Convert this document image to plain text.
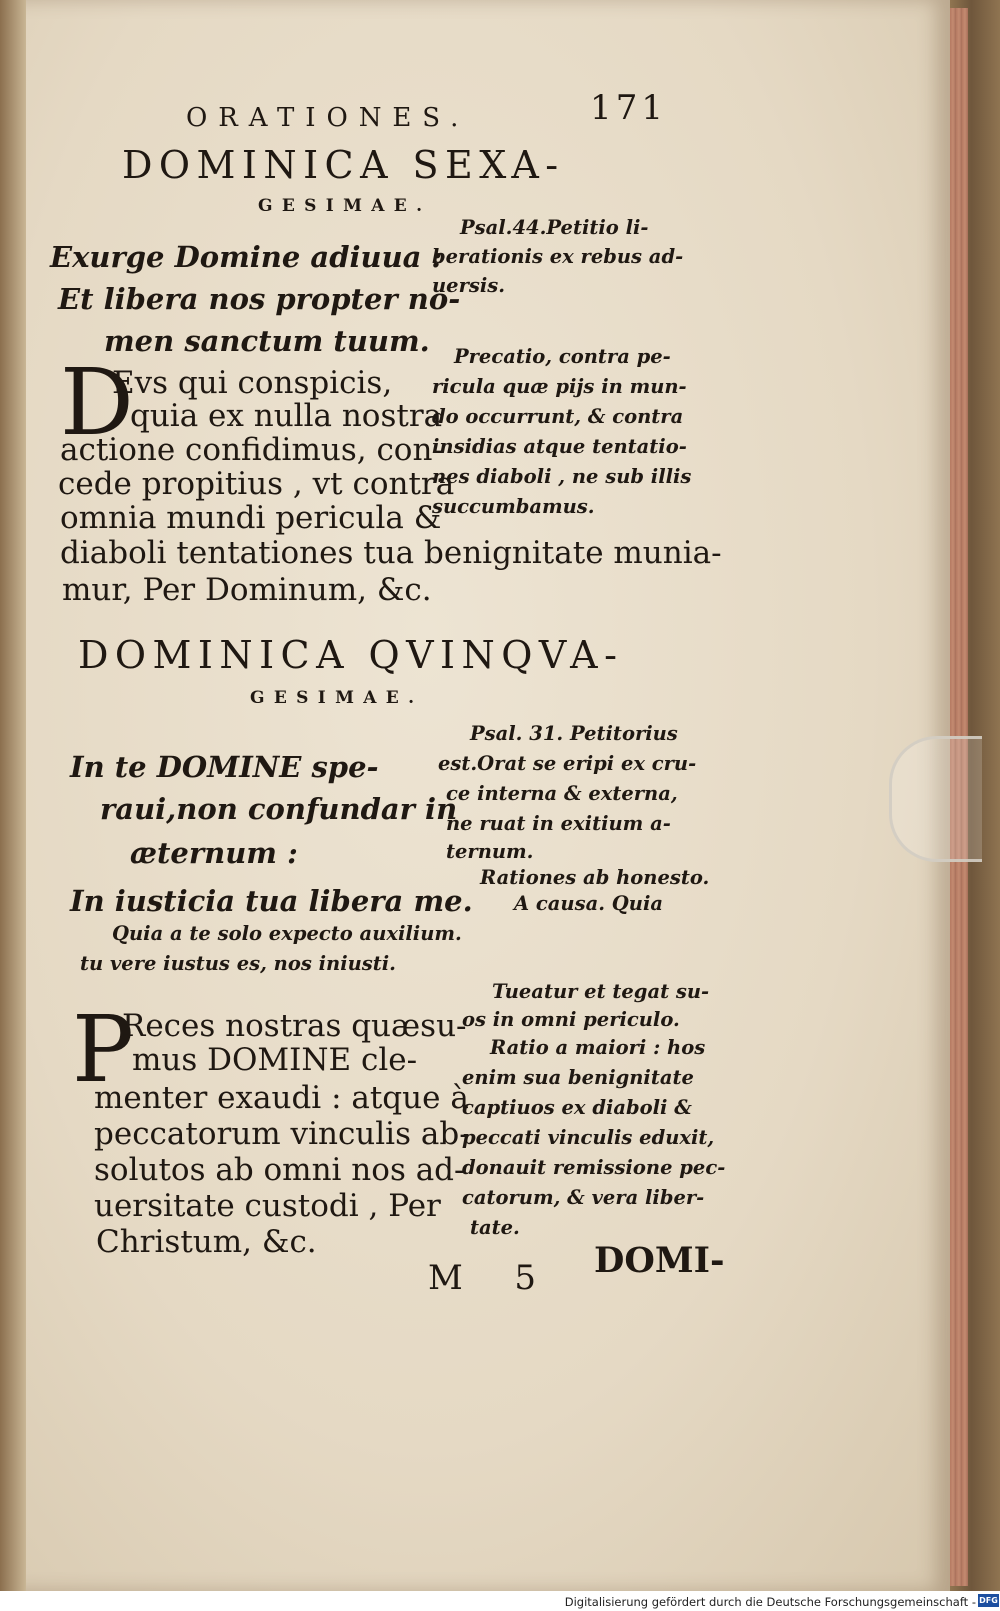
ORATIONES.	171
DOMINICA SEXA-
GESIMAE.
Exurge Domine adiuua :
Et libera nos propter no-
men sanctum tuum.
Psal.44.Petitio li-
berationis ex rebus ad-
uersis.
D
Evs qui conspicis,
quia ex nulla nostra
actione confidimus, con-
cede propitius , vt contra
omnia mundi pericula &
diaboli tentationes tua benignitate munia-
mur, Per Dominum, &c.
Precatio, contra pe-
ricula quæ pijs in mun-
do occurrunt, & contra
insidias atque tentatio-
nes diaboli , ne sub illis
succumbamus.
DOMINICA QVINQVA-
GESIMAE.
In te DOMINE spe-
raui,non confundar in
æternum :
In iusticia tua libera me.
Quia a te solo expecto auxilium.
tu vere iustus es, nos iniusti.
Psal. 31. Petitorius
est.Orat se eripi ex cru-
ce interna & externa,
ne ruat in exitium a-
ternum.
Rationes ab honesto.
A causa. Quia
Tueatur et tegat su-
os in omni periculo.
Ratio a maiori : hos
enim sua benignitate
captiuos ex diaboli &
peccati vinculis eduxit,
donauit remissione pec-
catorum, & vera liber-
tate.
P
Reces nostras quæsu-
mus DOMINE cle-
menter exaudi : atque à
peccatorum vinculis ab-
solutos ab omni nos ad-
uersitate custodi , Per
Christum, &c.
M 5 DOMI-
Digitalisierung gefördert durch die Deutsche Forschungsgemeinschaft - DFG
